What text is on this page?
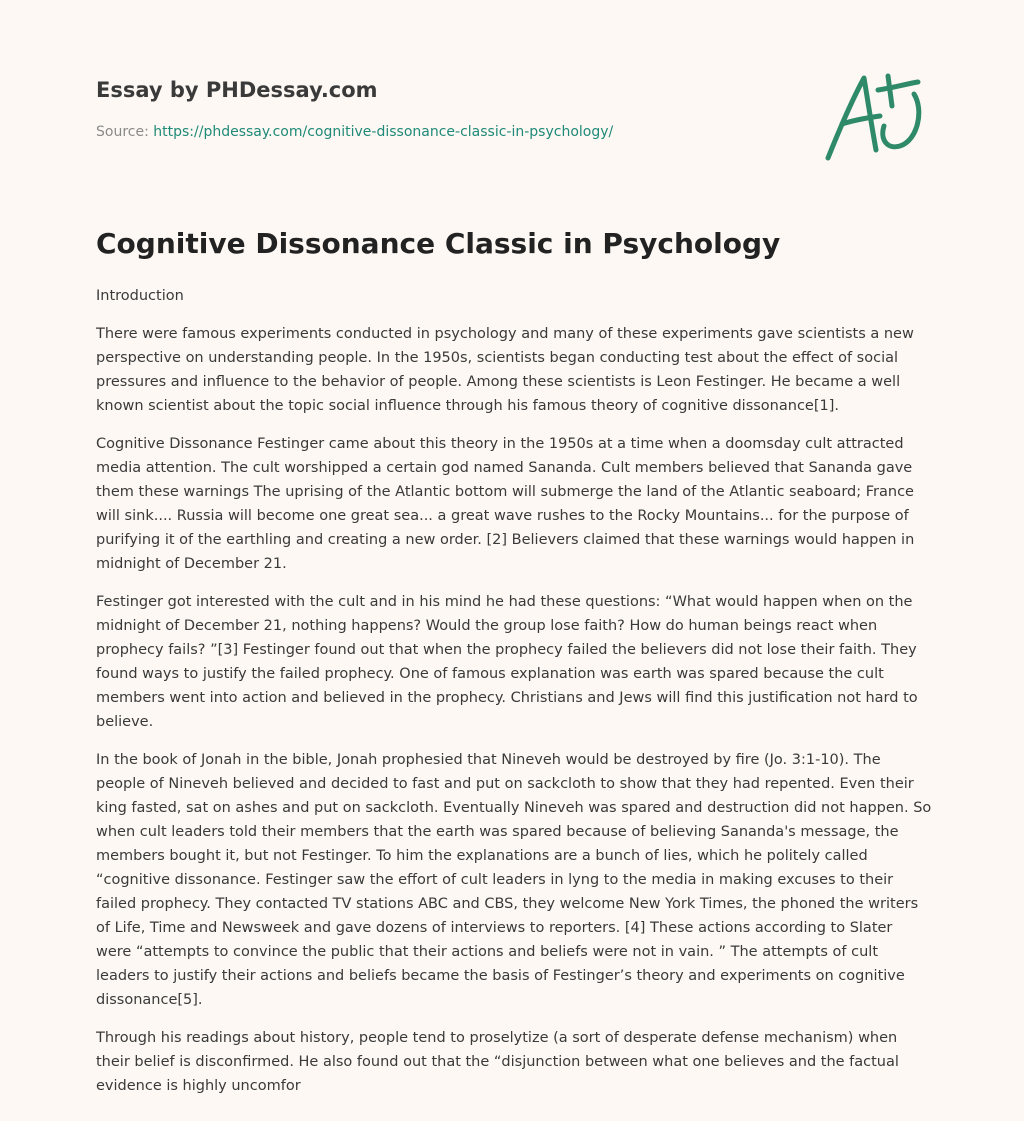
Essay by PHDessay.com
Source: https://phdessay.com/cognitive-dissonance-classic-in-psychology/
Cognitive Dissonance Classic in Psychology

Introduction

There were famous experiments conducted in psychology and many of these experiments gave scientists a new perspective on understanding people. In the 1950s, scientists began conducting test about the effect of social pressures and influence to the behavior of people. Among these scientists is Leon Festinger. He became a well known scientist about the topic social influence through his famous theory of cognitive dissonance[1].

Cognitive Dissonance Festinger came about this theory in the 1950s at a time when a doomsday cult attracted media attention. The cult worshipped a certain god named Sananda. Cult members believed that Sananda gave them these warnings The uprising of the Atlantic bottom will submerge the land of the Atlantic seaboard; France will sink.... Russia will become one great sea... a great wave rushes to the Rocky Mountains... for the purpose of purifying it of the earthling and creating a new order. [2] Believers claimed that these warnings would happen in midnight of December 21.

Festinger got interested with the cult and in his mind he had these questions: “What would happen when on the midnight of December 21, nothing happens? Would the group lose faith? How do human beings react when prophecy fails? ”[3] Festinger found out that when the prophecy failed the believers did not lose their faith. They found ways to justify the failed prophecy. One of famous explanation was earth was spared because the cult members went into action and believed in the prophecy. Christians and Jews will find this justification not hard to believe.

In the book of Jonah in the bible, Jonah prophesied that Nineveh would be destroyed by fire (Jo. 3:1-10). The people of Nineveh believed and decided to fast and put on sackcloth to show that they had repented. Even their king fasted, sat on ashes and put on sackcloth. Eventually Nineveh was spared and destruction did not happen. So when cult leaders told their members that the earth was spared because of believing Sananda's message, the members bought it, but not Festinger. To him the explanations are a bunch of lies, which he politely called “cognitive dissonance. Festinger saw the effort of cult leaders in lyng to the media in making excuses to their failed prophecy. They contacted TV stations ABC and CBS, they welcome New York Times, the phoned the writers of Life, Time and Newsweek and gave dozens of interviews to reporters. [4] These actions according to Slater were “attempts to convince the public that their actions and beliefs were not in vain. ” The attempts of cult leaders to justify their actions and beliefs became the basis of Festinger’s theory and experiments on cognitive dissonance[5].

Through his readings about history, people tend to proselytize (a sort of desperate defense mechanism) when their belief is disconfirmed. He also found out that the “disjunction between what one believes and the factual evidence is highly uncomfor
